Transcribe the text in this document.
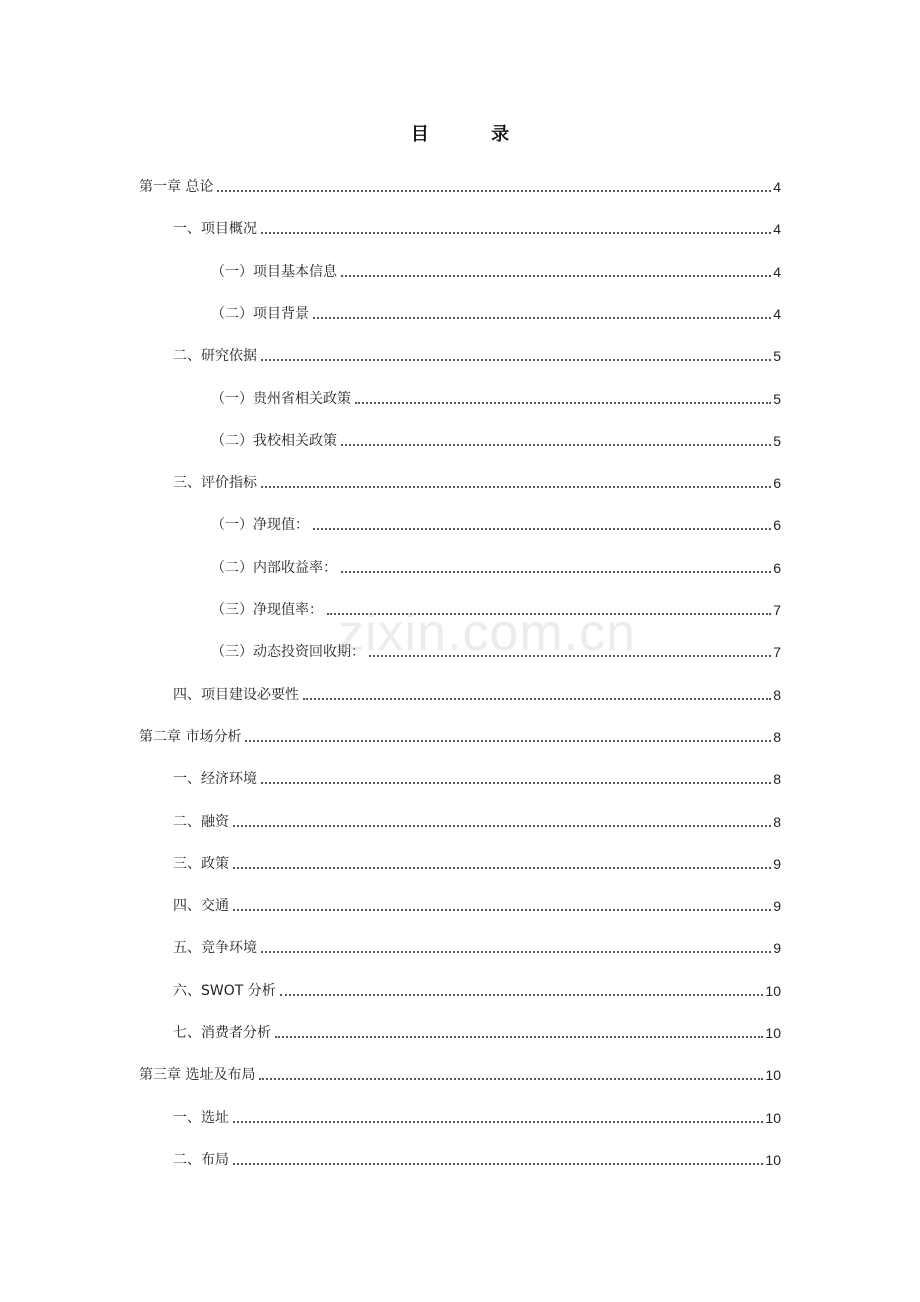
目 录
第一章 总论	4
一、项目概况	4
（一）项目基本信息	4
（二）项目背景	4
二、研究依据	5
（一）贵州省相关政策	5
（二）我校相关政策	5
三、评价指标	6
（一）净现值：	6
（二）内部收益率：	6
（三）净现值率：	7
（三）动态投资回收期：	7
四、项目建设必要性	8
第二章 市场分析	8
一、经济环境	8
二、融资	8
三、政策	9
四、交通	9
五、竞争环境	9
六、SWOT 分析	10
七、消费者分析	10
第三章 选址及布局	10
一、选址	10
二、布局	10
zixin.com.cn
